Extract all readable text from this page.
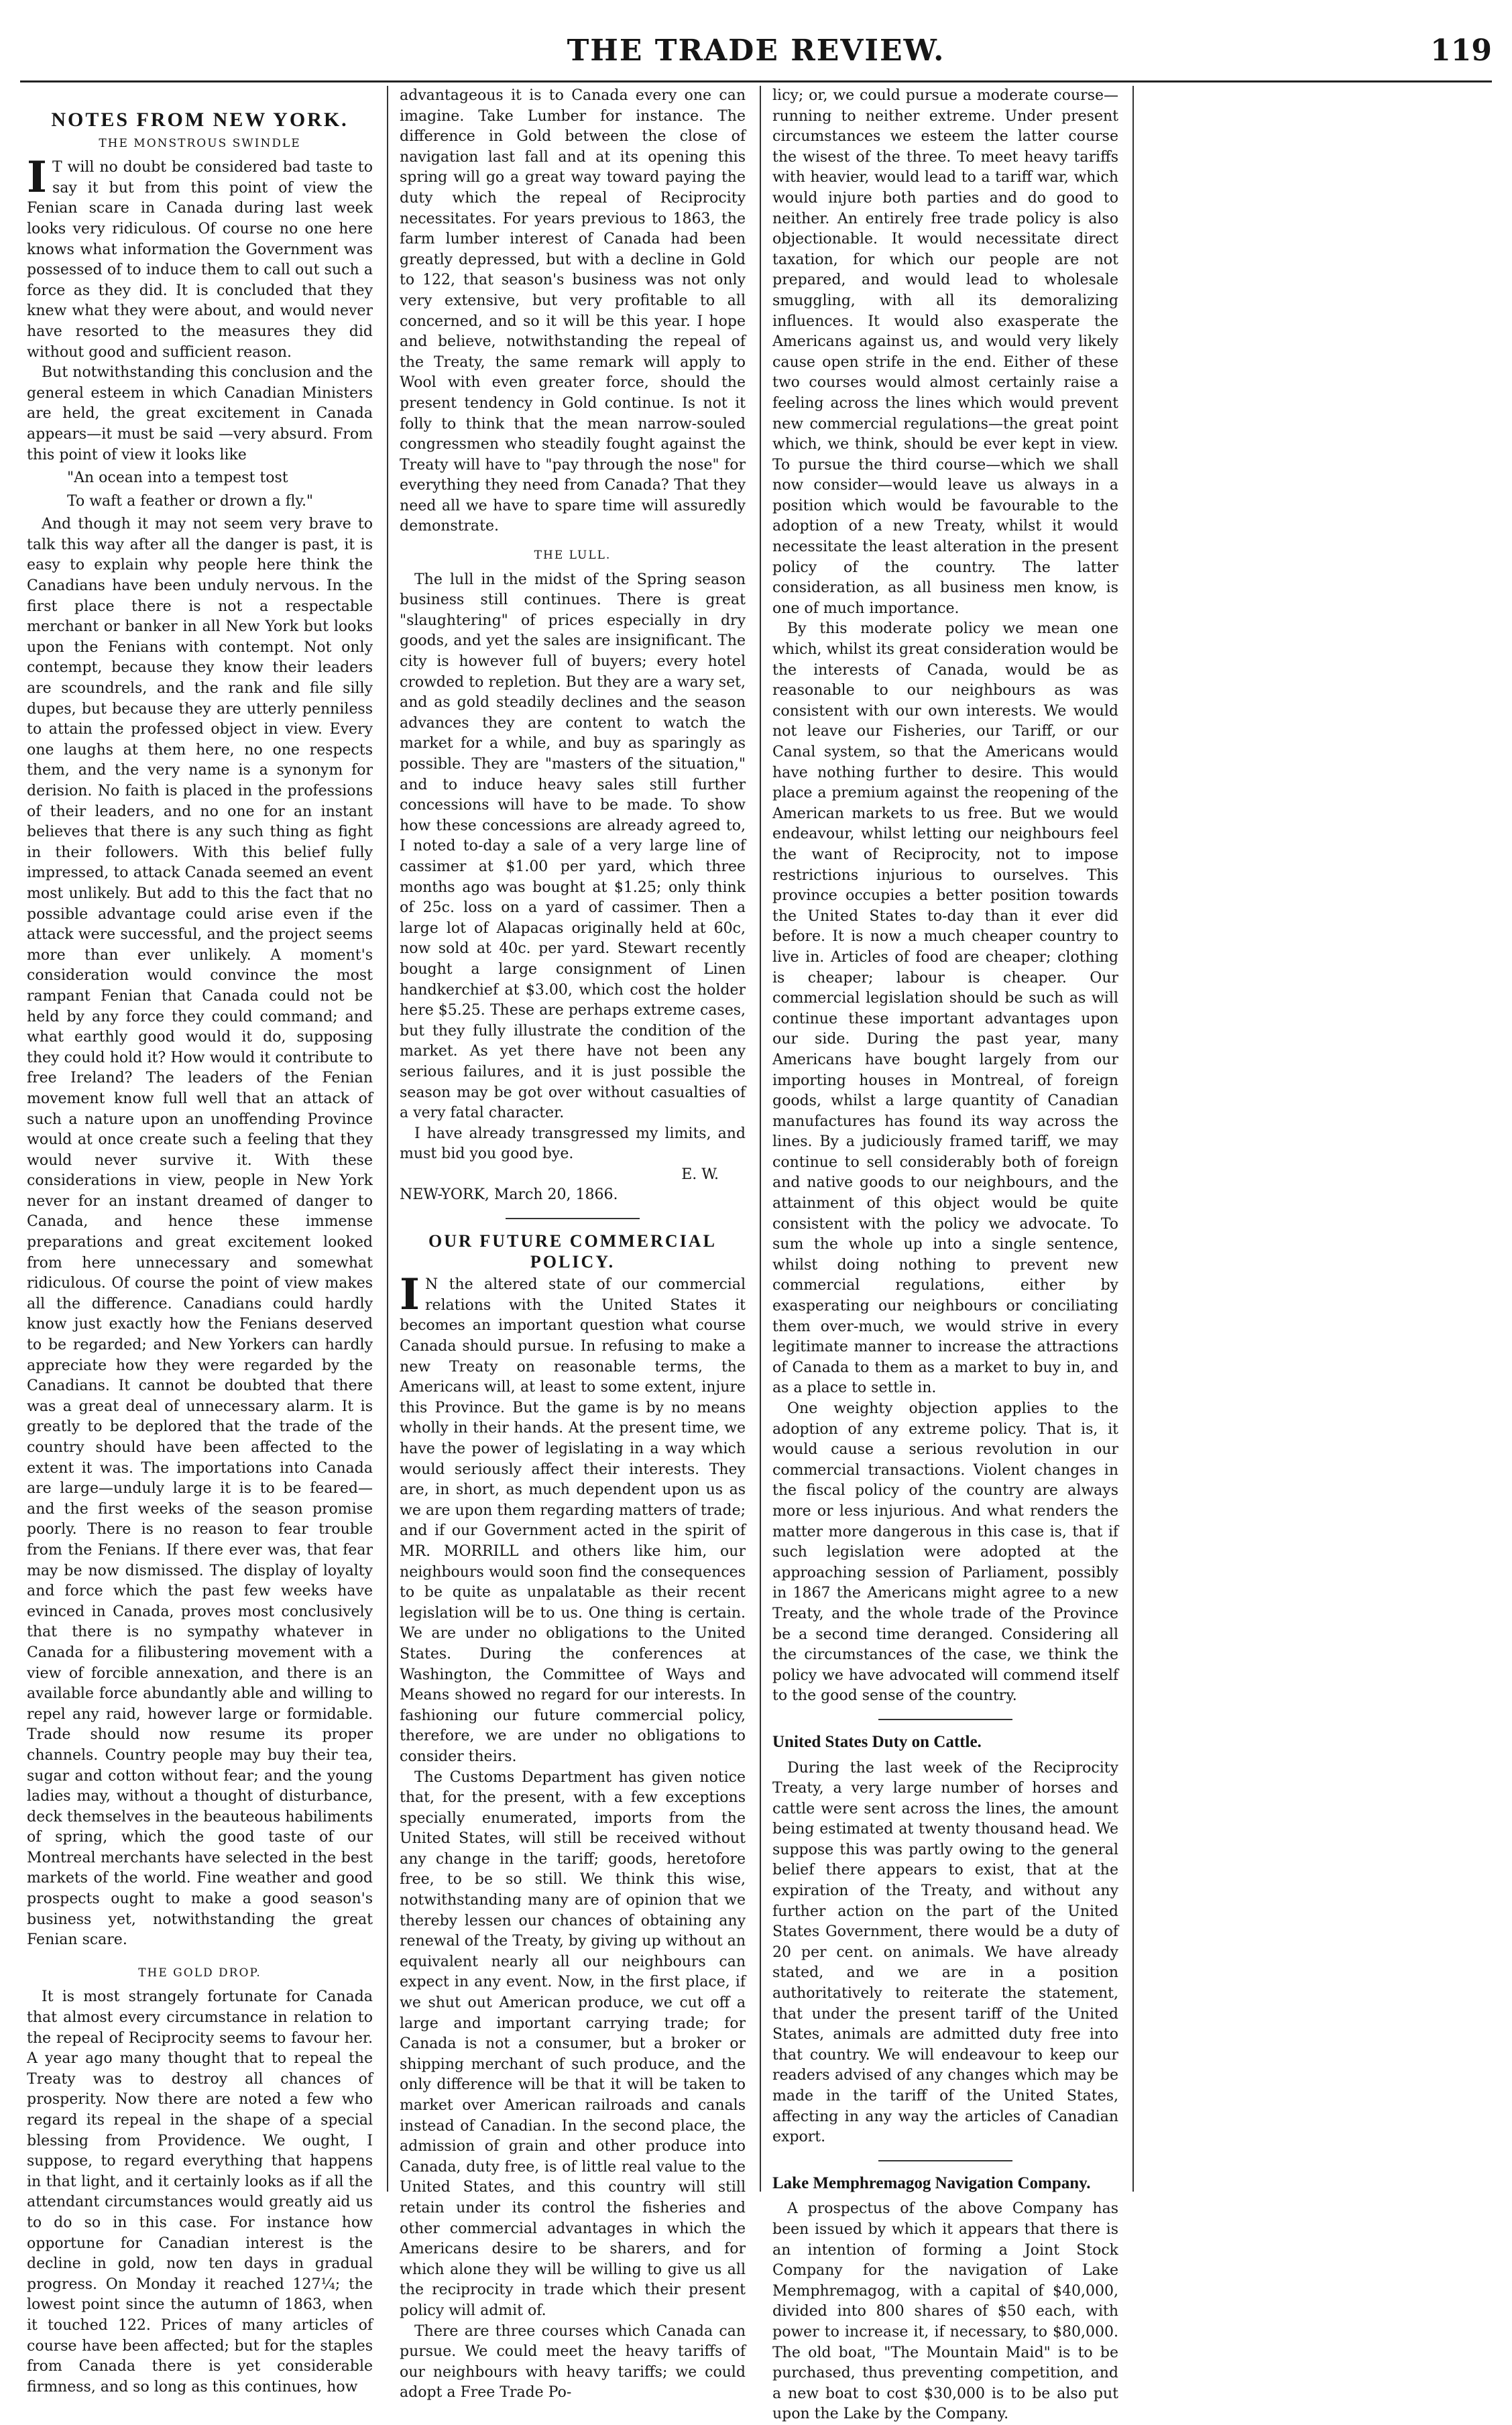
THE TRADE REVIEW.	119
NOTES FROM NEW YORK.
THE MONSTROUS SWINDLE

I T will no doubt be considered bad taste to say it but from this point of view the Fenian scare in Canada during last week looks very ridiculous. Of course no one here knows what information the Government was possessed of to induce them to call out such a force as they did. It is concluded that they knew what they were about, and would never have resorted to the measures they did without good and sufficient reason.

But notwithstanding this conclusion and the general esteem in which Canadian Ministers are held, the great excitement in Canada appears—it must be said —very absurd. From this point of view it looks like

"An ocean into a tempest tost

To waft a feather or drown a fly."

And though it may not seem very brave to talk this way after all the danger is past, it is easy to explain why people here think the Canadians have been unduly nervous. In the first place there is not a respectable merchant or banker in all New York but looks upon the Fenians with contempt. Not only contempt, because they know their leaders are scoundrels, and the rank and file silly dupes, but because they are utterly penniless to attain the professed object in view. Every one laughs at them here, no one respects them, and the very name is a synonym for derision. No faith is placed in the professions of their leaders, and no one for an instant believes that there is any such thing as fight in their followers. With this belief fully impressed, to attack Canada seemed an event most unlikely. But add to this the fact that no possible advantage could arise even if the attack were successful, and the project seems more than ever unlikely. A moment's consideration would convince the most rampant Fenian that Canada could not be held by any force they could command; and what earthly good would it do, supposing they could hold it? How would it contribute to free Ireland? The leaders of the Fenian movement know full well that an attack of such a nature upon an unoffending Province would at once create such a feeling that they would never survive it. With these considerations in view, people in New York never for an instant dreamed of danger to Canada, and hence these immense preparations and great excitement looked from here unnecessary and somewhat ridiculous. Of course the point of view makes all the difference. Canadians could hardly know just exactly how the Fenians deserved to be regarded; and New Yorkers can hardly appreciate how they were regarded by the Canadians. It cannot be doubted that there was a great deal of unnecessary alarm. It is greatly to be deplored that the trade of the country should have been affected to the extent it was. The importations into Canada are large—unduly large it is to be feared—and the first weeks of the season promise poorly. There is no reason to fear trouble from the Fenians. If there ever was, that fear may be now dismissed. The display of loyalty and force which the past few weeks have evinced in Canada, proves most conclusively that there is no sympathy whatever in Canada for a filibustering movement with a view of forcible annexation, and there is an available force abundantly able and willing to repel any raid, however large or formidable. Trade should now resume its proper channels. Country people may buy their tea, sugar and cotton without fear; and the young ladies may, without a thought of disturbance, deck themselves in the beauteous habiliments of spring, which the good taste of our Montreal merchants have selected in the best markets of the world. Fine weather and good prospects ought to make a good season's business yet, notwithstanding the great Fenian scare.

THE GOLD DROP.

It is most strangely fortunate for Canada that almost every circumstance in relation to the repeal of Reciprocity seems to favour her. A year ago many thought that to repeal the Treaty was to destroy all chances of prosperity. Now there are noted a few who regard its repeal in the shape of a special blessing from Providence. We ought, I suppose, to regard everything that happens in that light, and it certainly looks as if all the attendant circumstances would greatly aid us to do so in this case. For instance how opportune for Canadian interest is the decline in gold, now ten days in gradual progress. On Monday it reached 127¼; the lowest point since the autumn of 1863, when it touched 122. Prices of many articles of course have been affected; but for the staples from Canada there is yet considerable firmness, and so long as this continues, how

advantageous it is to Canada every one can imagine. Take Lumber for instance. The difference in Gold between the close of navigation last fall and at its opening this spring will go a great way toward paying the duty which the repeal of Reciprocity necessitates. For years previous to 1863, the farm lumber interest of Canada had been greatly depressed, but with a decline in Gold to 122, that season's business was not only very extensive, but very profitable to all concerned, and so it will be this year. I hope and believe, notwithstanding the repeal of the Treaty, the same remark will apply to Wool with even greater force, should the present tendency in Gold continue. Is not it folly to think that the mean narrow-souled congressmen who steadily fought against the Treaty will have to "pay through the nose" for everything they need from Canada? That they need all we have to spare time will assuredly demonstrate.

THE LULL.

The lull in the midst of the Spring season business still continues. There is great "slaughtering" of prices especially in dry goods, and yet the sales are insignificant. The city is however full of buyers; every hotel crowded to repletion. But they are a wary set, and as gold steadily declines and the season advances they are content to watch the market for a while, and buy as sparingly as possible. They are "masters of the situation," and to induce heavy sales still further concessions will have to be made. To show how these concessions are already agreed to, I noted to-day a sale of a very large line of cassimer at $1.00 per yard, which three months ago was bought at $1.25; only think of 25c. loss on a yard of cassimer. Then a large lot of Alapacas originally held at 60c, now sold at 40c. per yard. Stewart recently bought a large consignment of Linen handkerchief at $3.00, which cost the holder here $5.25. These are perhaps extreme cases, but they fully illustrate the condition of the market. As yet there have not been any serious failures, and it is just possible the season may be got over without casualties of a very fatal character.

I have already transgressed my limits, and must bid you good bye.

E. W.

NEW-YORK, March 20, 1866.

OUR FUTURE COMMERCIAL POLICY.

I N the altered state of our commercial relations with the United States it becomes an important question what course Canada should pursue. In refusing to make a new Treaty on reasonable terms, the Americans will, at least to some extent, injure this Province. But the game is by no means wholly in their hands. At the present time, we have the power of legislating in a way which would seriously affect their interests. They are, in short, as much dependent upon us as we are upon them regarding matters of trade; and if our Government acted in the spirit of MR. MORRILL and others like him, our neighbours would soon find the consequences to be quite as unpalatable as their recent legislation will be to us. One thing is certain. We are under no obligations to the United States. During the conferences at Washington, the Committee of Ways and Means showed no regard for our interests. In fashioning our future commercial policy, therefore, we are under no obligations to consider theirs.

The Customs Department has given notice that, for the present, with a few exceptions specially enumerated, imports from the United States, will still be received without any change in the tariff; goods, heretofore free, to be so still. We think this wise, notwithstanding many are of opinion that we thereby lessen our chances of obtaining any renewal of the Treaty, by giving up without an equivalent nearly all our neighbours can expect in any event. Now, in the first place, if we shut out American produce, we cut off a large and important carrying trade; for Canada is not a consumer, but a broker or shipping merchant of such produce, and the only difference will be that it will be taken to market over American railroads and canals instead of Canadian. In the second place, the admission of grain and other produce into Canada, duty free, is of little real value to the United States, and this country will still retain under its control the fisheries and other commercial advantages in which the Americans desire to be sharers, and for which alone they will be willing to give us all the reciprocity in trade which their present policy will admit of.

There are three courses which Canada can pursue. We could meet the heavy tariffs of our neighbours with heavy tariffs; we could adopt a Free Trade Po-

licy; or, we could pursue a moderate course—running to neither extreme. Under present circumstances we esteem the latter course the wisest of the three. To meet heavy tariffs with heavier, would lead to a tariff war, which would injure both parties and do good to neither. An entirely free trade policy is also objectionable. It would necessitate direct taxation, for which our people are not prepared, and would lead to wholesale smuggling, with all its demoralizing influences. It would also exasperate the Americans against us, and would very likely cause open strife in the end. Either of these two courses would almost certainly raise a feeling across the lines which would prevent new commercial regulations—the great point which, we think, should be ever kept in view. To pursue the third course—which we shall now consider—would leave us always in a position which would be favourable to the adoption of a new Treaty, whilst it would necessitate the least alteration in the present policy of the country. The latter consideration, as all business men know, is one of much importance.

By this moderate policy we mean one which, whilst its great consideration would be the interests of Canada, would be as reasonable to our neighbours as was consistent with our own interests. We would not leave our Fisheries, our Tariff, or our Canal system, so that the Americans would have nothing further to desire. This would place a premium against the reopening of the American markets to us free. But we would endeavour, whilst letting our neighbours feel the want of Reciprocity, not to impose restrictions injurious to ourselves. This province occupies a better position towards the United States to-day than it ever did before. It is now a much cheaper country to live in. Articles of food are cheaper; clothing is cheaper; labour is cheaper. Our commercial legislation should be such as will continue these important advantages upon our side. During the past year, many Americans have bought largely from our importing houses in Montreal, of foreign goods, whilst a large quantity of Canadian manufactures has found its way across the lines. By a judiciously framed tariff, we may continue to sell considerably both of foreign and native goods to our neighbours, and the attainment of this object would be quite consistent with the policy we advocate. To sum the whole up into a single sentence, whilst doing nothing to prevent new commercial regulations, either by exasperating our neighbours or conciliating them over-much, we would strive in every legitimate manner to increase the attractions of Canada to them as a market to buy in, and as a place to settle in.

One weighty objection applies to the adoption of any extreme policy. That is, it would cause a serious revolution in our commercial transactions. Violent changes in the fiscal policy of the country are always more or less injurious. And what renders the matter more dangerous in this case is, that if such legislation were adopted at the approaching session of Parliament, possibly in 1867 the Americans might agree to a new Treaty, and the whole trade of the Province be a second time deranged. Considering all the circumstances of the case, we think the policy we have advocated will commend itself to the good sense of the country.

United States Duty on Cattle.

During the last week of the Reciprocity Treaty, a very large number of horses and cattle were sent across the lines, the amount being estimated at twenty thousand head. We suppose this was partly owing to the general belief there appears to exist, that at the expiration of the Treaty, and without any further action on the part of the United States Government, there would be a duty of 20 per cent. on animals. We have already stated, and we are in a position authoritatively to reiterate the statement, that under the present tariff of the United States, animals are admitted duty free into that country. We will endeavour to keep our readers advised of any changes which may be made in the tariff of the United States, affecting in any way the articles of Canadian export.

Lake Memphremagog Navigation Company.

A prospectus of the above Company has been issued by which it appears that there is an intention of forming a Joint Stock Company for the navigation of Lake Memphremagog, with a capital of $40,000, divided into 800 shares of $50 each, with power to increase it, if necessary, to $80,000. The old boat, "The Mountain Maid" is to be purchased, thus preventing competition, and a new boat to cost $30,000 is to be also put upon the Lake by the Company.
